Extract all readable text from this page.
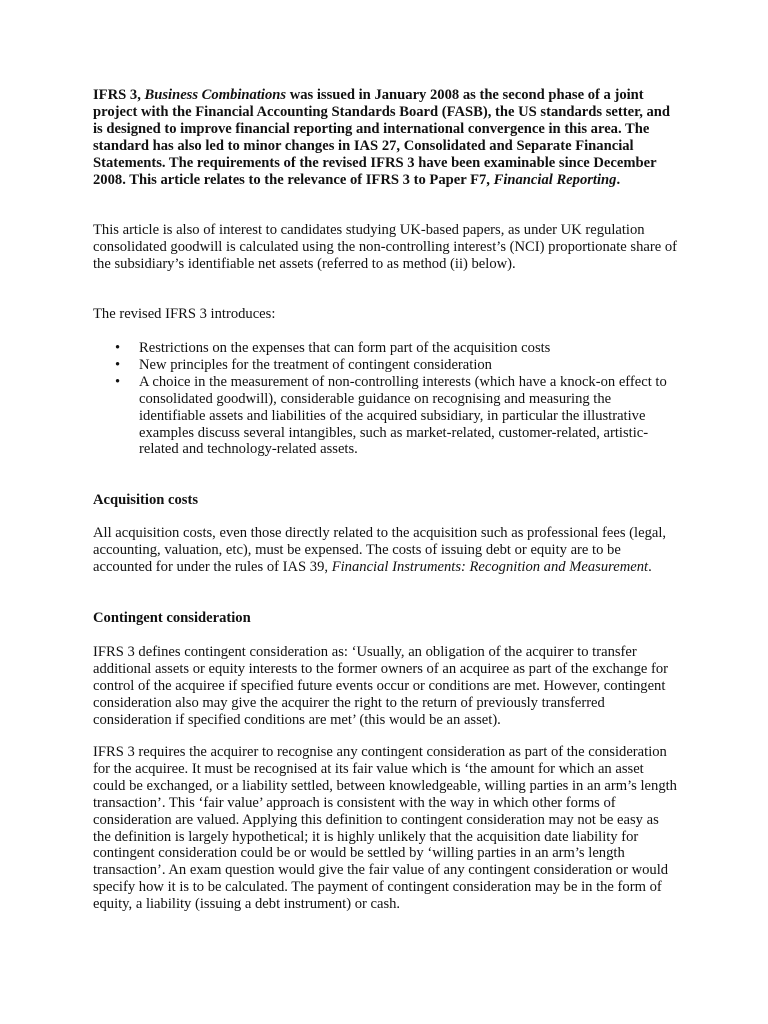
IFRS 3, Business Combinations was issued in January 2008 as the second phase of a joint project with the Financial Accounting Standards Board (FASB), the US standards setter, and is designed to improve financial reporting and international convergence in this area. The standard has also led to minor changes in IAS 27, Consolidated and Separate Financial Statements. The requirements of the revised IFRS 3 have been examinable since December 2008. This article relates to the relevance of IFRS 3 to Paper F7, Financial Reporting.

This article is also of interest to candidates studying UK-based papers, as under UK regulation consolidated goodwill is calculated using the non-controlling interest’s (NCI) proportionate share of the subsidiary’s identifiable net assets (referred to as method (ii) below).

The revised IFRS 3 introduces:

• Restrictions on the expenses that can form part of the acquisition costs
• New principles for the treatment of contingent consideration
• A choice in the measurement of non-controlling interests (which have a knock-on effect to consolidated goodwill), considerable guidance on recognising and measuring the identifiable assets and liabilities of the acquired subsidiary, in particular the illustrative examples discuss several intangibles, such as market-related, customer-related, artistic-related and technology-related assets.

Acquisition costs

All acquisition costs, even those directly related to the acquisition such as professional fees (legal, accounting, valuation, etc), must be expensed. The costs of issuing debt or equity are to be accounted for under the rules of IAS 39, Financial Instruments: Recognition and Measurement.

Contingent consideration

IFRS 3 defines contingent consideration as: ‘Usually, an obligation of the acquirer to transfer additional assets or equity interests to the former owners of an acquiree as part of the exchange for control of the acquiree if specified future events occur or conditions are met. However, contingent consideration also may give the acquirer the right to the return of previously transferred consideration if specified conditions are met’ (this would be an asset).

IFRS 3 requires the acquirer to recognise any contingent consideration as part of the consideration for the acquiree. It must be recognised at its fair value which is ‘the amount for which an asset could be exchanged, or a liability settled, between knowledgeable, willing parties in an arm’s length transaction’. This ‘fair value’ approach is consistent with the way in which other forms of consideration are valued. Applying this definition to contingent consideration may not be easy as the definition is largely hypothetical; it is highly unlikely that the acquisition date liability for contingent consideration could be or would be settled by ‘willing parties in an arm’s length transaction’. An exam question would give the fair value of any contingent consideration or would specify how it is to be calculated. The payment of contingent consideration may be in the form of equity, a liability (issuing a debt instrument) or cash.
